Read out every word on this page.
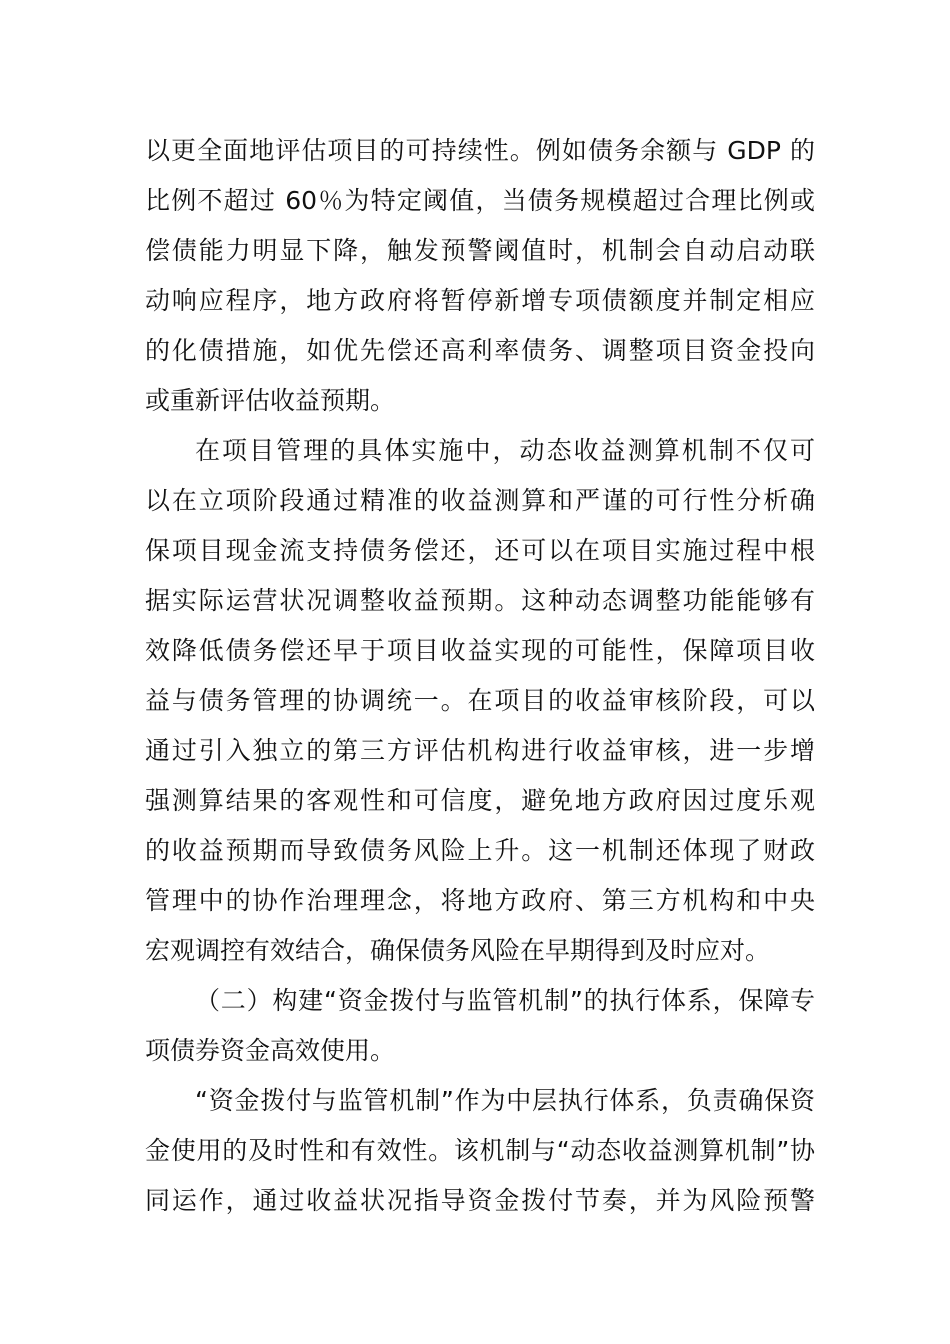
以更全面地评估项目的可持续性。例如债务余额与 GDP 的
比例不超过 60％为特定阈值，当债务规模超过合理比例或
偿债能力明显下降，触发预警阈值时，机制会自动启动联
动响应程序，地方政府将暂停新增专项债额度并制定相应
的化债措施，如优先偿还高利率债务、调整项目资金投向
或重新评估收益预期。
在项目管理的具体实施中，动态收益测算机制不仅可
以在立项阶段通过精准的收益测算和严谨的可行性分析确
保项目现金流支持债务偿还，还可以在项目实施过程中根
据实际运营状况调整收益预期。这种动态调整功能能够有
效降低债务偿还早于项目收益实现的可能性，保障项目收
益与债务管理的协调统一。在项目的收益审核阶段，可以
通过引入独立的第三方评估机构进行收益审核，进一步增
强测算结果的客观性和可信度，避免地方政府因过度乐观
的收益预期而导致债务风险上升。这一机制还体现了财政
管理中的协作治理理念，将地方政府、第三方机构和中央
宏观调控有效结合，确保债务风险在早期得到及时应对。
（二）构建“资金拨付与监管机制”的执行体系，保障专
项债券资金高效使用。
“资金拨付与监管机制”作为中层执行体系，负责确保资
金使用的及时性和有效性。该机制与“动态收益测算机制”协
同运作，通过收益状况指导资金拨付节奏，并为风险预警
